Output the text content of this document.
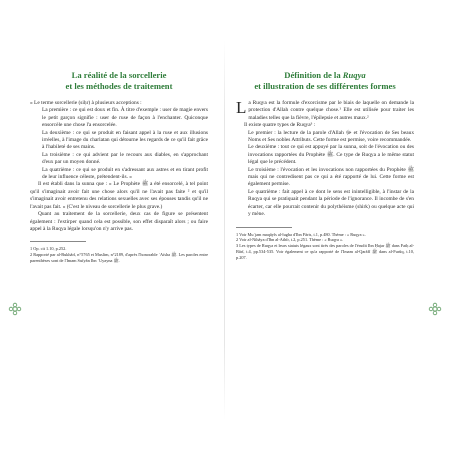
La réalité de la sorcellerie
et les méthodes de traitement

« Le terme sorcellerie (siḥr) à plusieurs acceptions :

La première : ce qui est doux et fin. À titre d'exemple : user de magie envers le petit garçon signifie : user de ruse de façon à l'enchanter. Quiconque ensorcèle une chose l'a ensorcelée.

La deuxième : ce qui se produit en faisant appel à la ruse et aux illusions irréelles, à l'image du charlatan qui détourne les regards de ce qu'il fait grâce à l'habileté de ses mains.

La troisième : ce qui advient par le recours aux diables, en s'approchant d'eux par un moyen donné.

La quatrième : ce qui se produit en s'adressant aux astres et en tirant profit de leur influence céleste, prétendent-ils. »

Il est établi dans la sunna que : « Le Prophète ﷺ a été ensorcelé, à tel point qu'il s'imaginait avoir fait une chose alors qu'il ne l'avait pas faite ² et qu'il s'imaginait avoir entretenu des relations sexuelles avec ses épouses tandis qu'il ne l'avait pas fait. » (C'est le niveau de sorcellerie le plus grave.)

Quant au traitement de la sorcellerie, deux cas de figure se présentent également : l'extirper quand cela est possible, son effet disparaît alors ; ou faire appel à la Ruqya légale lorsqu'on n'y arrive pas.

1 Op. cit 1.10, p.252.

2 Rapporté par al-Bukhârî, n°5765 et Muslim, n°2189, d'après l'honorable ʿAïsha ﷺ. Les paroles entre parenthèses sont de l'Imam Sufyân Ibn ʿUyayna ﷺ.

Définition de la Ruqya
et illustration de ses différentes formes

La Ruqya est la formule d'exorcisme par le biais de laquelle on demande la protection d'Allah contre quelque chose.¹ Elle est utilisée pour traiter les maladies telles que la fièvre, l'épilepsie et autres maux.²

Il existe quatre types de Ruqya³ :

Le premier : la lecture de la parole d'Allah ﷻ et l'évocation de Ses beaux Noms et Ses nobles Attributs. Cette forme est permise, voire recommandée.

Le deuxième : tout ce qui est appuyé par la sunna, soit de l'évocation ou des invocations rapportées du Prophète ﷺ. Ce type de Ruqya a le même statut légal que le précédent.

Le troisième : l'évocation et les invocations non rapportées du Prophète ﷺ mais qui ne contredisent pas ce qui a été rapporté de lui. Cette forme est également permise.

Le quatrième : fait appel à ce dont le sens est inintelligible, à l'instar de la Ruqya qui se pratiquait pendant la période de l'ignorance. Il incombe de s'en écarter, car elle pourrait contenir du polythéisme (shirk) ou quelque acte qui y mène.

1 Voir Muʿjam maqâyîs al-lugha d'Ibn Fâris, t.1, p.480. Thème : « Ruqya ».

2 Voir al-Nihâya d'Ibn al-Athîr, t.2, p.251. Thème : « Ruqya ».

3 Les types de Ruqya et leurs statuts légaux sont tirés des paroles de l'érudit Ibn Ḥajar ﷺ dans Fatḥ al-Bârî, t.4, pp.534-535. Voir également ce qu'a rapporté de l'Imam al-Qarâfî ﷺ dans al-Furûq, t.10, p.207.
